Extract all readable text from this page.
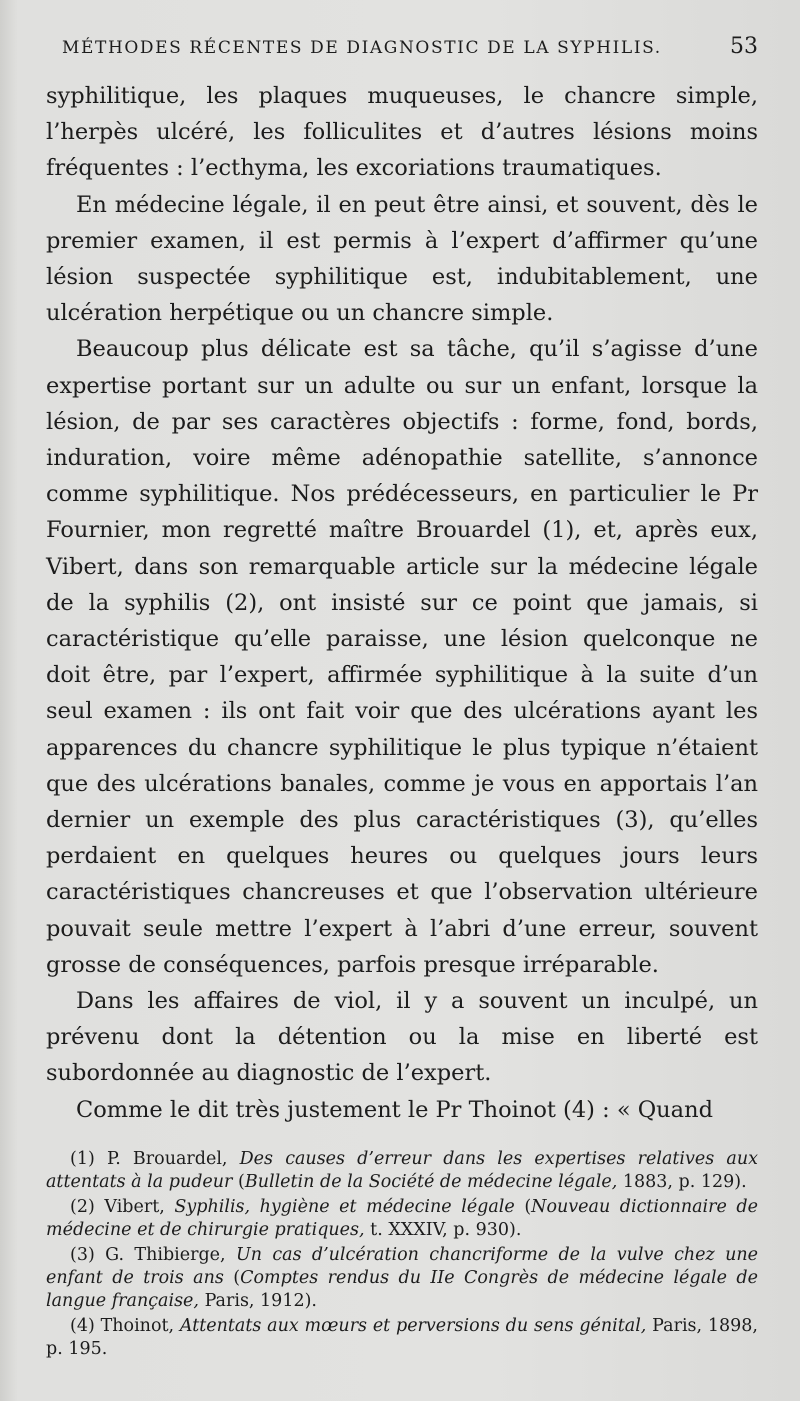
MÉTHODES RÉCENTES DE DIAGNOSTIC DE LA SYPHILIS.	53

syphilitique, les plaques muqueuses, le chancre simple, l’herpès ulcéré, les folliculites et d’autres lésions moins fréquentes : l’ecthyma, les excoriations traumatiques.

En médecine légale, il en peut être ainsi, et souvent, dès le premier examen, il est permis à l’expert d’affirmer qu’une lésion suspectée syphilitique est, indubitablement, une ulcération herpétique ou un chancre simple.

Beaucoup plus délicate est sa tâche, qu’il s’agisse d’une expertise portant sur un adulte ou sur un enfant, lorsque la lésion, de par ses caractères objectifs : forme, fond, bords, induration, voire même adénopathie satellite, s’annonce comme syphilitique. Nos prédécesseurs, en particulier le Pr Fournier, mon regretté maître Brouardel (1), et, après eux, Vibert, dans son remarquable article sur la médecine légale de la syphilis (2), ont insisté sur ce point que jamais, si caractéristique qu’elle paraisse, une lésion quelconque ne doit être, par l’expert, affirmée syphilitique à la suite d’un seul examen : ils ont fait voir que des ulcérations ayant les apparences du chancre syphilitique le plus typique n’étaient que des ulcérations banales, comme je vous en apportais l’an dernier un exemple des plus caractéristiques (3), qu’elles perdaient en quelques heures ou quelques jours leurs caractéristiques chancreuses et que l’observation ultérieure pouvait seule mettre l’expert à l’abri d’une erreur, souvent grosse de conséquences, parfois presque irréparable.

Dans les affaires de viol, il y a souvent un inculpé, un prévenu dont la détention ou la mise en liberté est subordonnée au diagnostic de l’expert.

Comme le dit très justement le Pr Thoinot (4) : « Quand

(1) P. Brouardel, Des causes d’erreur dans les expertises relatives aux attentats à la pudeur (Bulletin de la Société de médecine légale, 1883, p. 129).

(2) Vibert, Syphilis, hygiène et médecine légale (Nouveau dictionnaire de médecine et de chirurgie pratiques, t. XXXIV, p. 930).

(3) G. Thibierge, Un cas d’ulcération chancriforme de la vulve chez une enfant de trois ans (Comptes rendus du IIe Congrès de médecine légale de langue française, Paris, 1912).

(4) Thoinot, Attentats aux mœurs et perversions du sens génital, Paris, 1898, p. 195.
